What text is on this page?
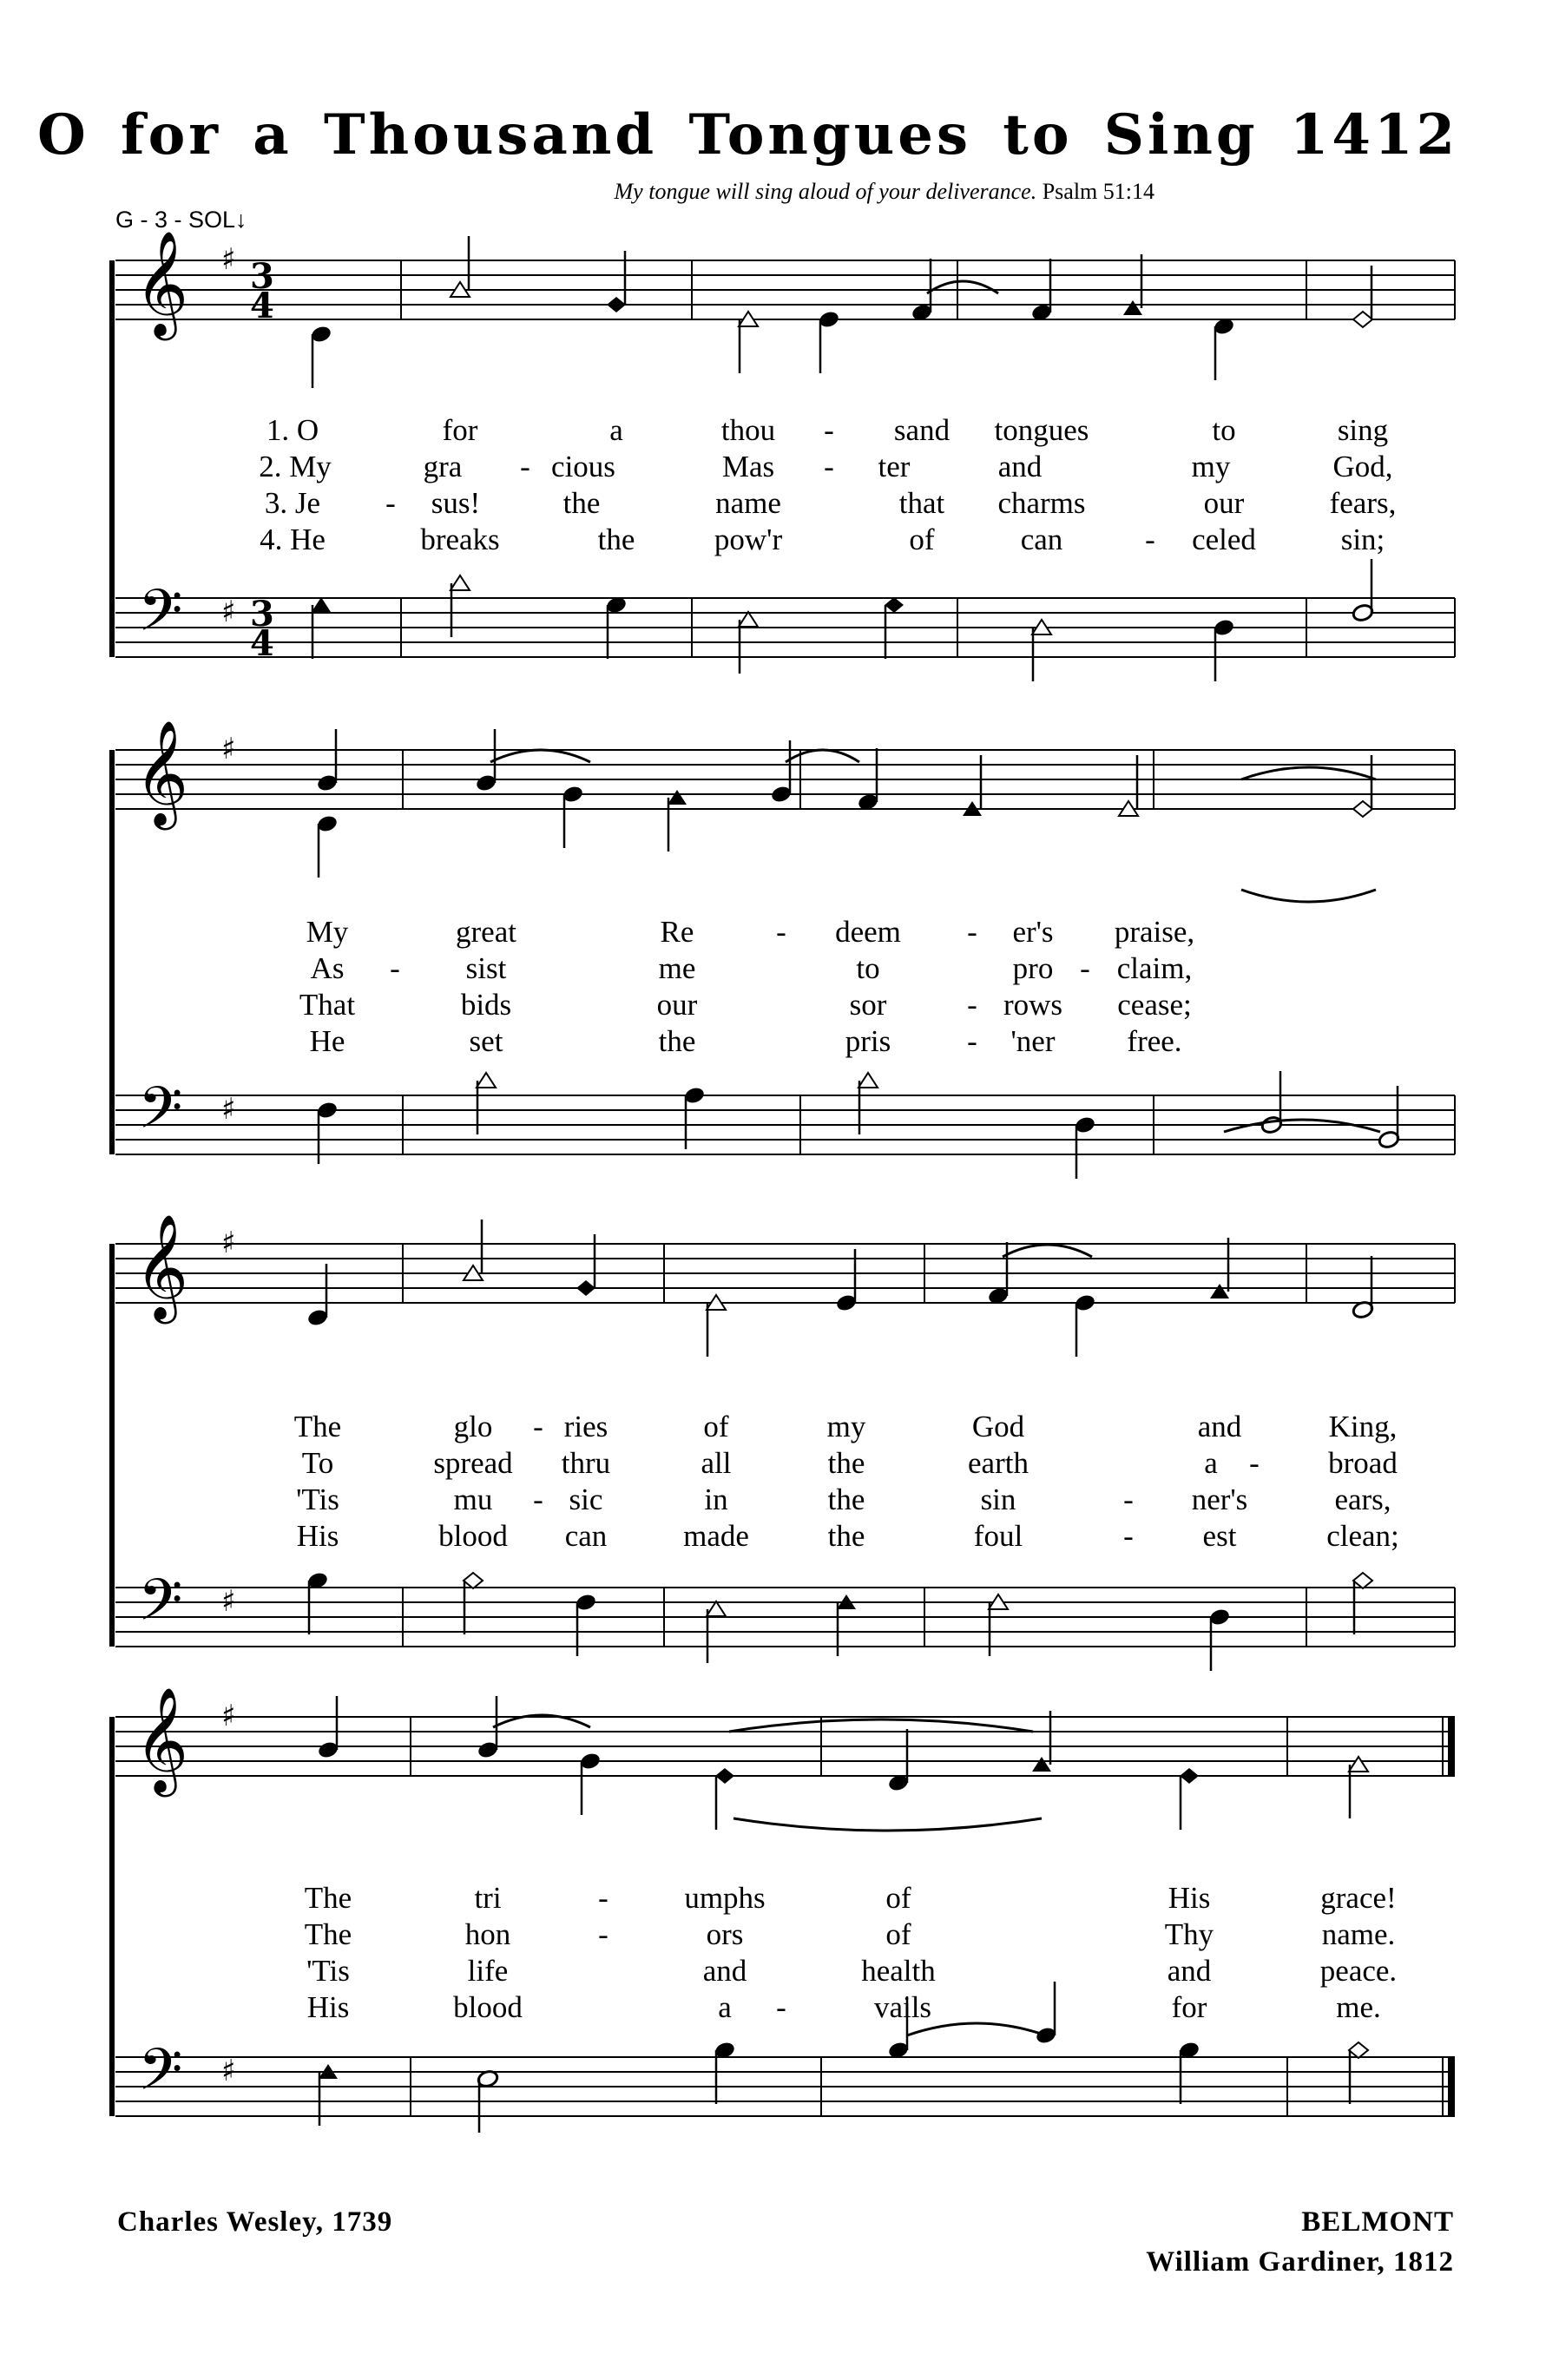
O for a Thousand Tongues to Sing 1412
My tongue will sing aloud of your deliverance. Psalm 51:14
G - 3 - SOL↓
𝄞
𝄢
♯
♯
3
4
3
4
1. O	for	a	thou - sand tongues	to	sing
2. My	gra - cious	Mas - ter	and	my	God,
3. Je - sus!	the	name	that charms	our	fears,
4. He	breaks	the	pow'r	of	can	- celed	sin;
𝄞
𝄢
♯
♯
My	great	Re	- deem - er's praise,
As - sist	me	to	pro - claim,
That	bids	our	sor	- rows cease;
He	set	the	pris	- 'ner free.
𝄞
𝄢
♯
♯
The	glo - ries	of	my	God	and	King,
To	spread thru	all	the	earth	a - broad
'Tis	mu - sic	in	the	sin	- ner's	ears,
His	blood can	made	the	foul	- est	clean;
𝄞
𝄢
♯
♯
The	tri	- umphs	of	His	grace!
The	hon	-	ors	of	Thy	name.
'Tis	life	and	health	and	peace.
His	blood	a -	vails	for	me.
Charles Wesley, 1739	BELMONT
William Gardiner, 1812
